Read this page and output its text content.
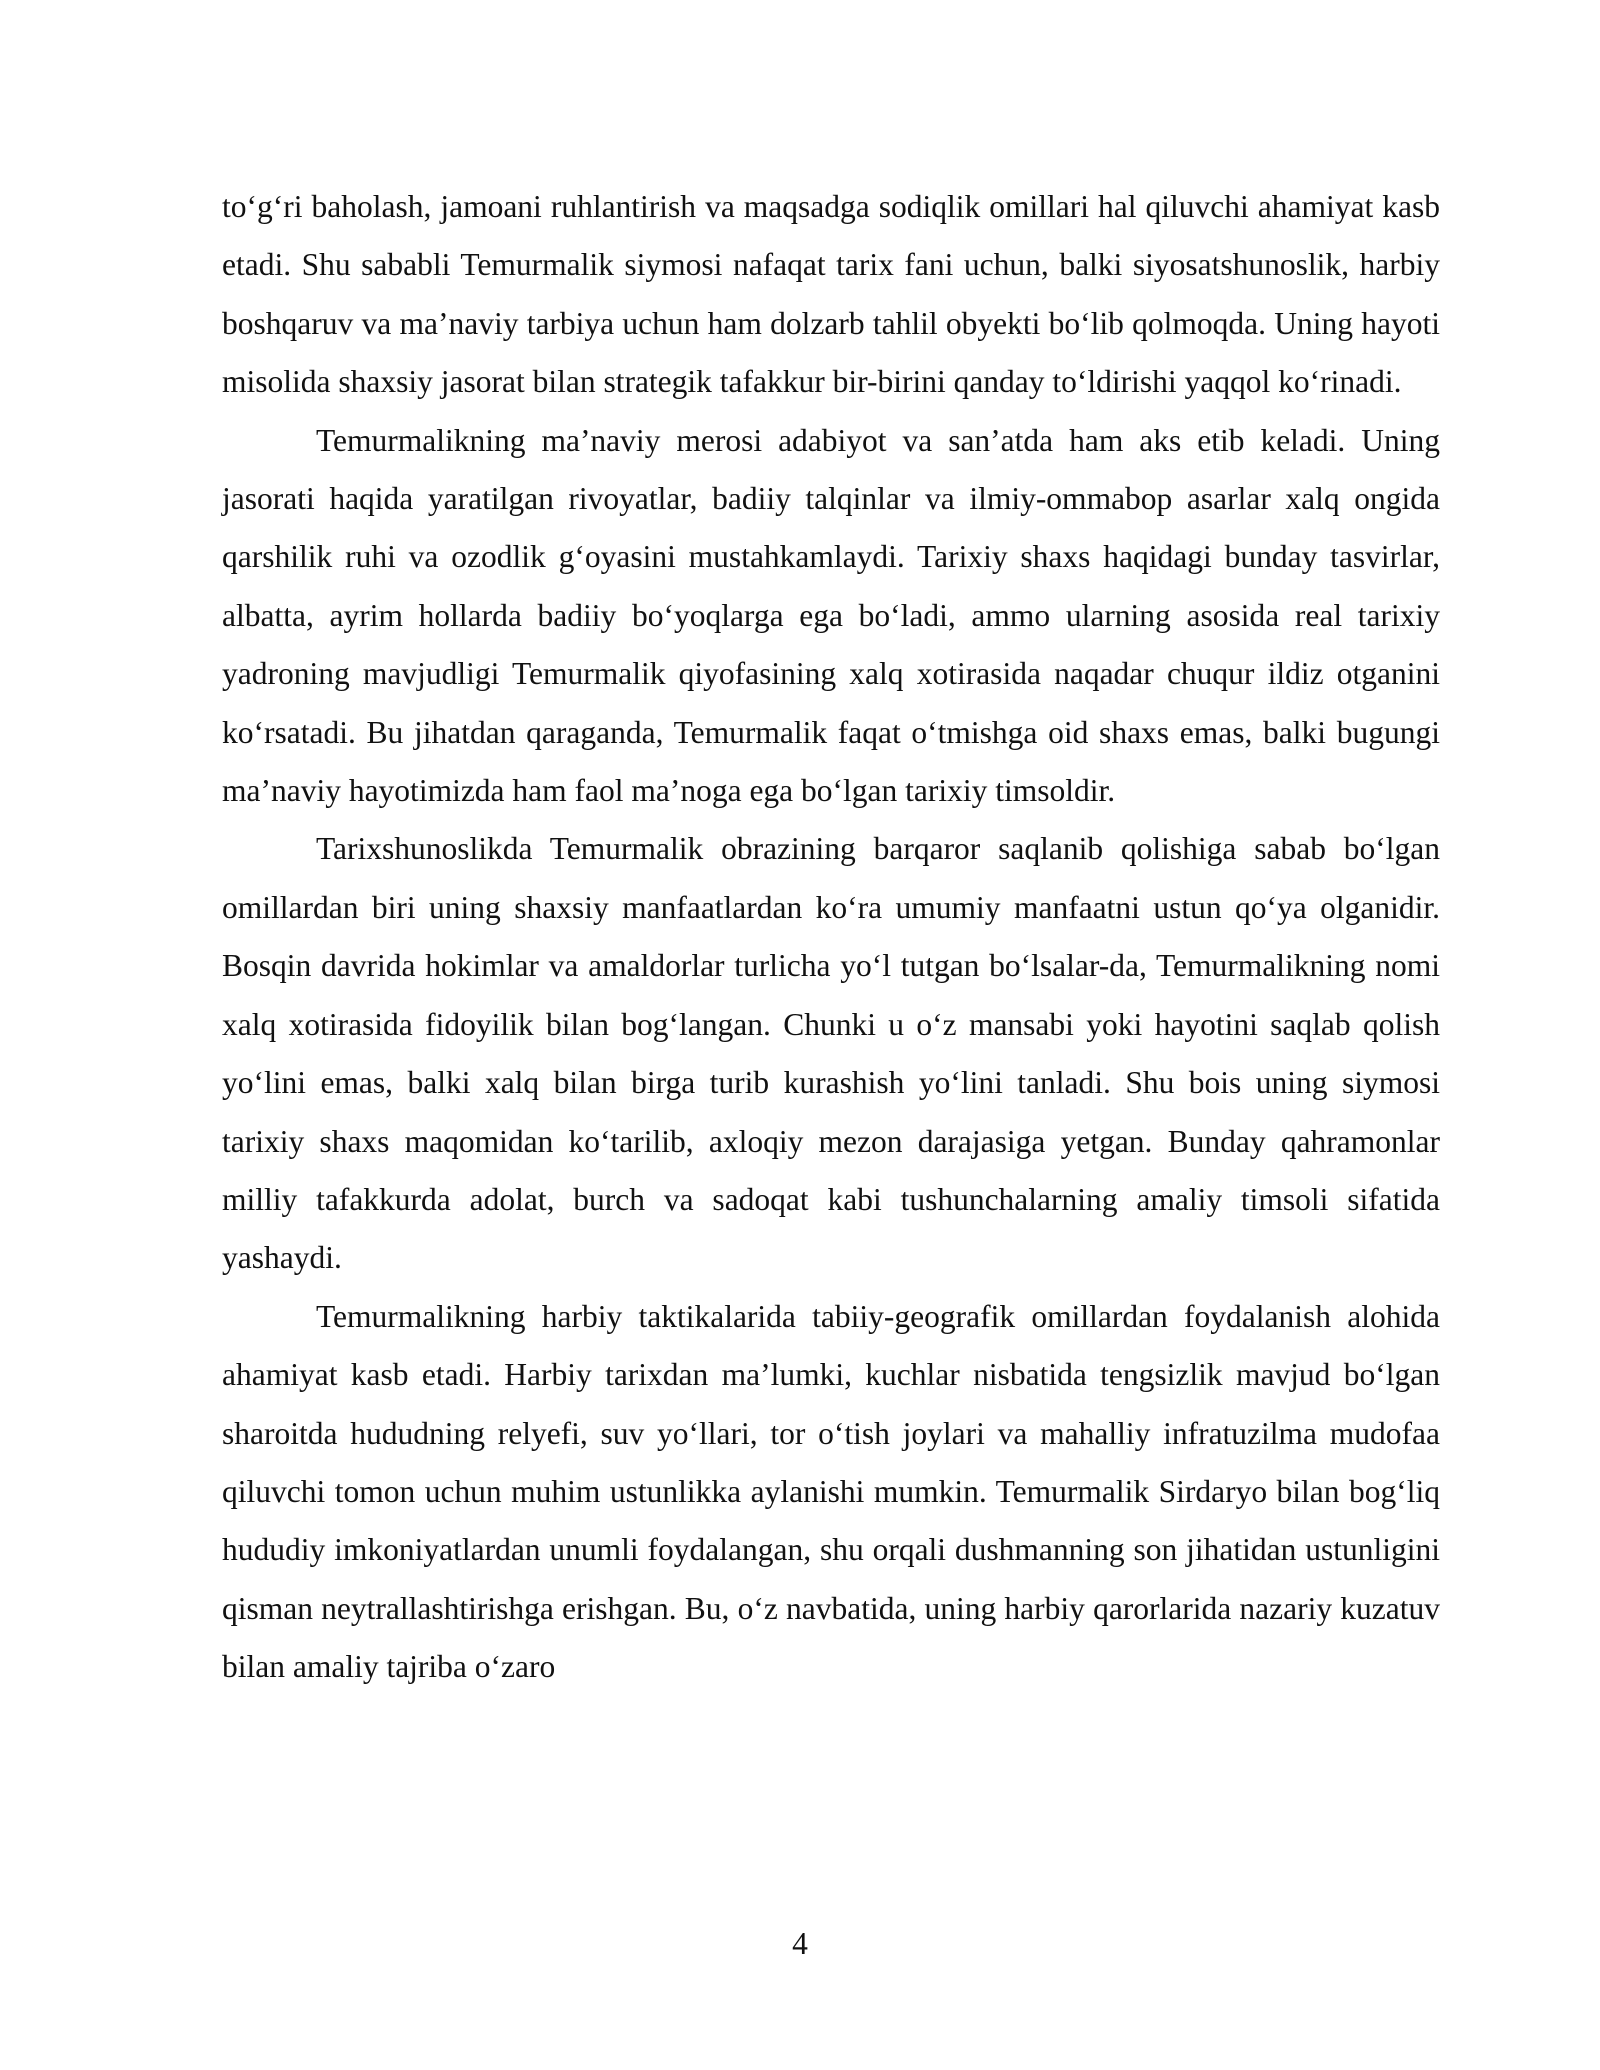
to‘g‘ri baholash, jamoani ruhlantirish va maqsadga sodiqlik omillari hal qiluvchi ahamiyat kasb etadi. Shu sababli Temurmalik siymosi nafaqat tarix fani uchun, balki siyosatshunoslik, harbiy boshqaruv va ma’naviy tarbiya uchun ham dolzarb tahlil obyekti bo‘lib qolmoqda. Uning hayoti misolida shaxsiy jasorat bilan strategik tafakkur bir-birini qanday to‘ldirishi yaqqol ko‘rinadi.

Temurmalikning ma’naviy merosi adabiyot va san’atda ham aks etib keladi. Uning jasorati haqida yaratilgan rivoyatlar, badiiy talqinlar va ilmiy-ommabop asarlar xalq ongida qarshilik ruhi va ozodlik g‘oyasini mustahkamlaydi. Tarixiy shaxs haqidagi bunday tasvirlar, albatta, ayrim hollarda badiiy bo‘yoqlarga ega bo‘ladi, ammo ularning asosida real tarixiy yadroning mavjudligi Temurmalik qiyofasining xalq xotirasida naqadar chuqur ildiz otganini ko‘rsatadi. Bu jihatdan qaraganda, Temurmalik faqat o‘tmishga oid shaxs emas, balki bugungi ma’naviy hayotimizda ham faol ma’noga ega bo‘lgan tarixiy timsoldir.

Tarixshunoslikda Temurmalik obrazining barqaror saqlanib qolishiga sabab bo‘lgan omillardan biri uning shaxsiy manfaatlardan ko‘ra umumiy manfaatni ustun qo‘ya olganidir. Bosqin davrida hokimlar va amaldorlar turlicha yo‘l tutgan bo‘lsalar-da, Temurmalikning nomi xalq xotirasida fidoyilik bilan bog‘langan. Chunki u o‘z mansabi yoki hayotini saqlab qolish yo‘lini emas, balki xalq bilan birga turib kurashish yo‘lini tanladi. Shu bois uning siymosi tarixiy shaxs maqomidan ko‘tarilib, axloqiy mezon darajasiga yetgan. Bunday qahramonlar milliy tafakkurda adolat, burch va sadoqat kabi tushunchalarning amaliy timsoli sifatida yashaydi.

Temurmalikning harbiy taktikalarida tabiiy-geografik omillardan foydalanish alohida ahamiyat kasb etadi. Harbiy tarixdan ma’lumki, kuchlar nisbatida tengsizlik mavjud bo‘lgan sharoitda hududning relyefi, suv yo‘llari, tor o‘tish joylari va mahalliy infratuzilma mudofaa qiluvchi tomon uchun muhim ustunlikka aylanishi mumkin. Temurmalik Sirdaryo bilan bog‘liq hududiy imkoniyatlardan unumli foydalangan, shu orqali dushmanning son jihatidan ustunligini qisman neytrallashtirishga erishgan. Bu, o‘z navbatida, uning harbiy qarorlarida nazariy kuzatuv bilan amaliy tajriba o‘zaro

4
